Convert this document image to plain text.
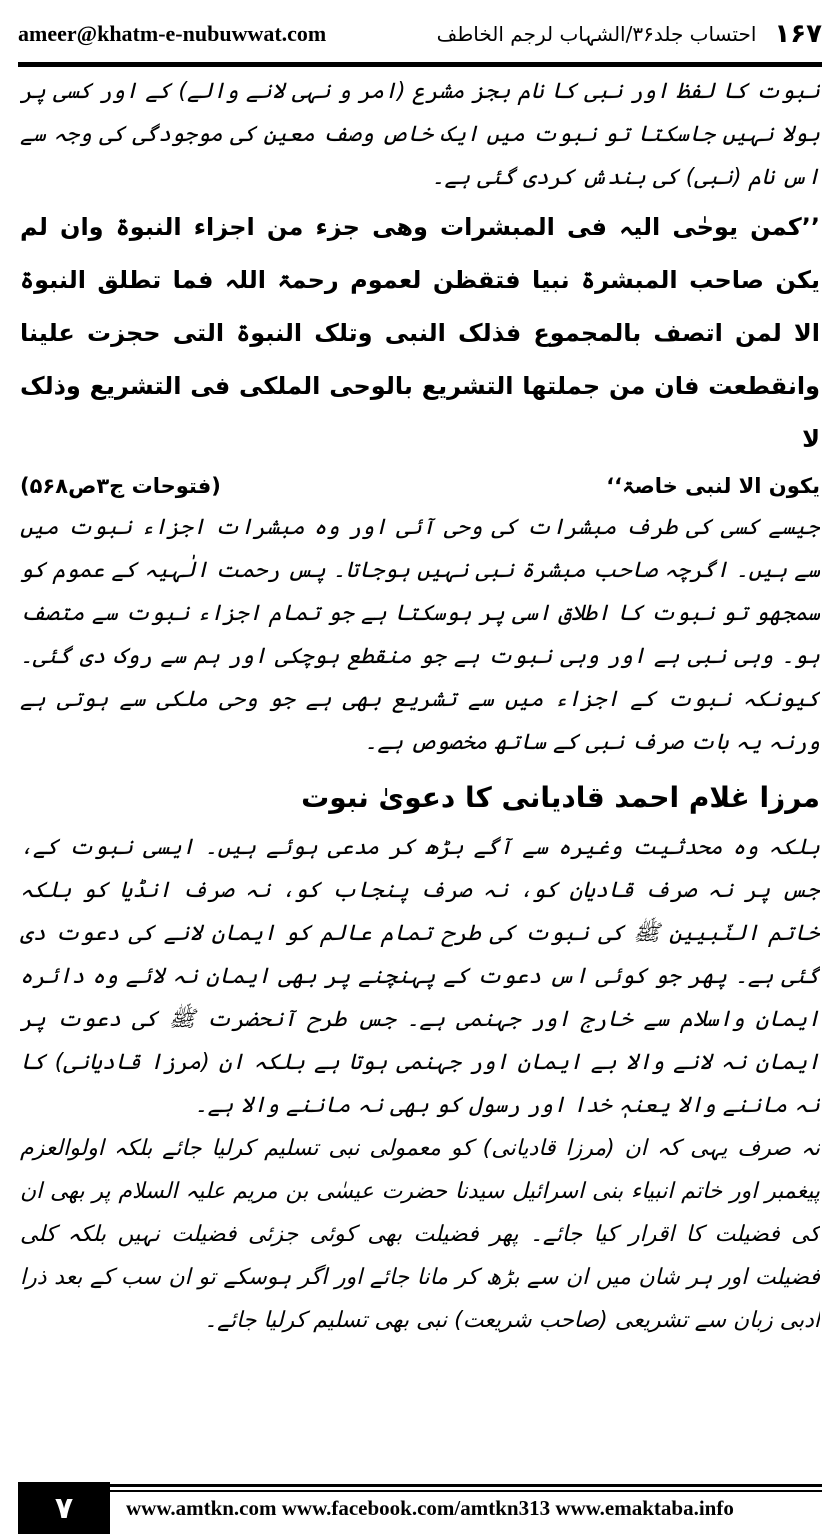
ameer@khatm-e-nubuwwat.com	۱۶۷
احتساب جلد۳۶/الشہاب لرجم الخاطف

نبوت کا لفظ اور نبی کا نام بجز مشرع (امر و نہی لانے والے) کے اور کسی پر بولا نہیں جاسکتا تو نبوت میں ایک خاص وصف معین کی موجودگی کی وجہ سے اس نام (نبی) کی بندش کردی گئی ہے۔

’’کمن یوحٰی الیہ فی المبشرات وھی جزء من اجزاء النبوۃ وان لم یکن صاحب المبشرۃ نبیا فتقظن لعموم رحمۃ اللہ فما تطلق النبوۃ الا لمن اتصف بالمجموع فذلک النبی وتلک النبوۃ التی حجزت علینا وانقطعت فان من جملتھا التشریع بالوحی الملکی فی التشریع وذلک لا

یکون الا لنبی خاصۃ‘‘
(فتوحات ج۳ص۵۶۸)

جیسے کسی کی طرف مبشرات کی وحی آئی اور وہ مبشرات اجزاء نبوت میں سے ہیں۔ اگرچہ صاحب مبشرۃ نبی نہیں ہوجاتا۔ پس رحمت الٰہیہ کے عموم کو سمجھو تو نبوت کا اطلاق اسی پر ہوسکتا ہے جو تمام اجزاء نبوت سے متصف ہو۔ وہی نبی ہے اور وہی نبوت ہے جو منقطع ہوچکی اور ہم سے روک دی گئی۔ کیونکہ نبوت کے اجزاء میں سے تشریع بھی ہے جو وحی ملکی سے ہوتی ہے ورنہ یہ بات صرف نبی کے ساتھ مخصوص ہے۔

مرزا غلام احمد قادیانی کا دعویٰ نبوت

بلکہ وہ محدثیت وغیرہ سے آگے بڑھ کر مدعی ہوئے ہیں۔ ایسی نبوت کے، جس پر نہ صرف قادیان کو، نہ صرف پنجاب کو، نہ صرف انڈیا کو بلکہ خاتم النّبیین ﷺ کی نبوت کی طرح تمام عالم کو ایمان لانے کی دعوت دی گئی ہے۔ پھر جو کوئی اس دعوت کے پہنچنے پر بھی ایمان نہ لائے وہ دائرہ ایمان واسلام سے خارج اور جہنمی ہے۔ جس طرح آنحضرت ﷺ کی دعوت پر ایمان نہ لانے والا بے ایمان اور جہنمی ہوتا ہے بلکہ ان (مرزا قادیانی) کا نہ ماننے والا یعنہٖ خدا اور رسول کو بھی نہ ماننے والا ہے۔

نہ صرف یہی کہ ان (مرزا قادیانی) کو معمولی نبی تسلیم کرلیا جائے بلکہ اولوالعزم پیغمبر اور خاتم انبیاء بنی اسرائیل سیدنا حضرت عیسٰی بن مریم علیہ السلام پر بھی ان کی فضیلت کا اقرار کیا جائے۔ پھر فضیلت بھی کوئی جزئی فضیلت نہیں بلکہ کلی فضیلت اور ہر شان میں ان سے بڑھ کر مانا جائے اور اگر ہوسکے تو ان سب کے بعد ذرا ادبی زبان سے تشریعی (صاحب شریعت) نبی بھی تسلیم کرلیا جائے۔

۷	www.amtkn.com www.facebook.com/amtkn313 www.emaktaba.info
